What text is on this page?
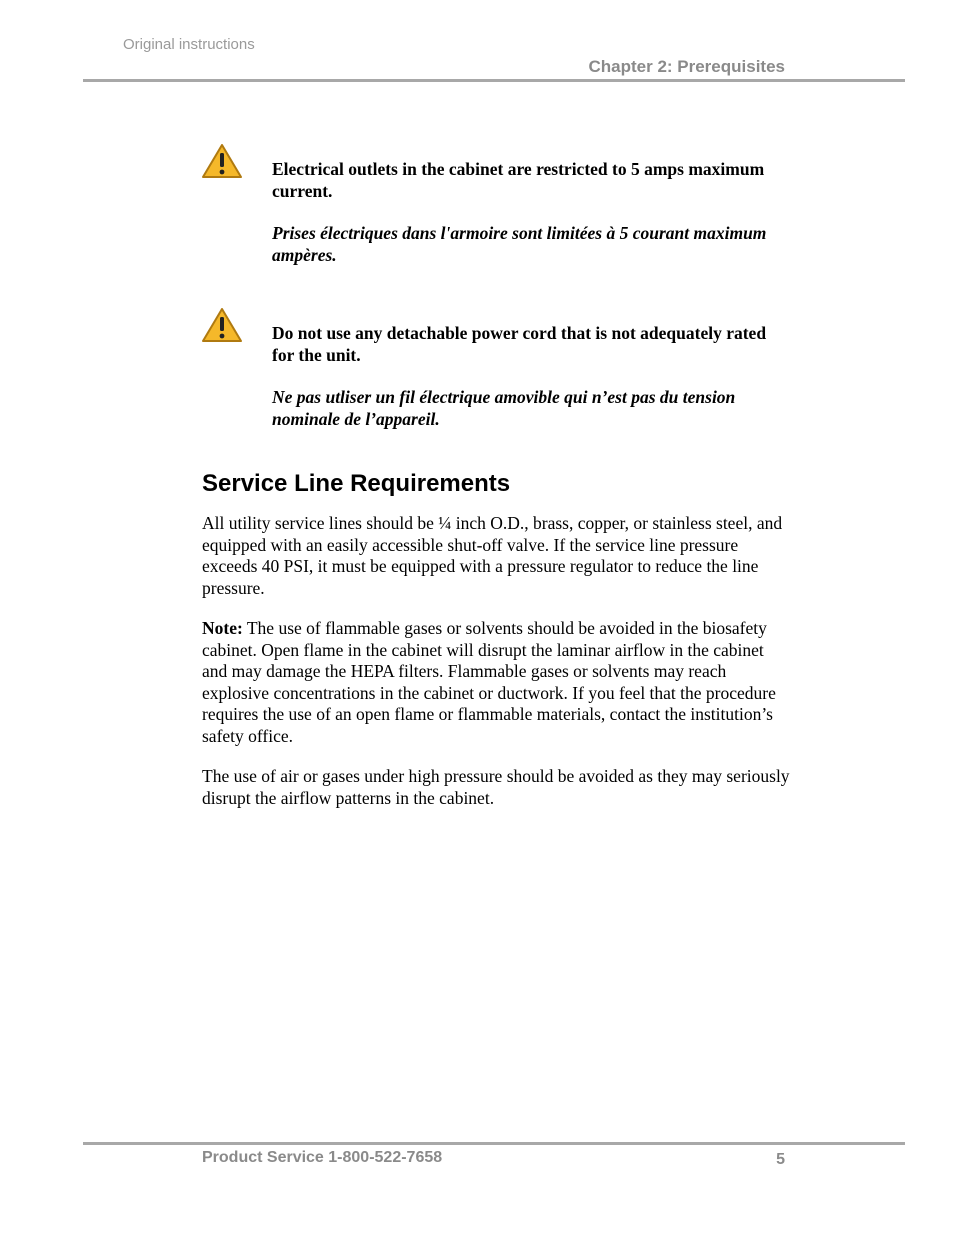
Original instructions
Chapter 2: Prerequisites

Electrical outlets in the cabinet are restricted to 5 amps maximum current.

Prises électriques dans l'armoire sont limitées à 5 courant maximum ampères.

Do not use any detachable power cord that is not adequately rated for the unit.

Ne pas utliser un fil électrique amovible qui n’est pas du tension nominale de l’appareil.

Service Line Requirements

All utility service lines should be ¼ inch O.D., brass, copper, or stainless steel, and equipped with an easily accessible shut-off valve. If the service line pressure exceeds 40 PSI, it must be equipped with a pressure regulator to reduce the line pressure.

Note: The use of flammable gases or solvents should be avoided in the biosafety cabinet. Open flame in the cabinet will disrupt the laminar airflow in the cabinet and may damage the HEPA filters. Flammable gases or solvents may reach explosive concentrations in the cabinet or ductwork. If you feel that the procedure requires the use of an open flame or flammable materials, contact the institution’s safety office.

The use of air or gases under high pressure should be avoided as they may seriously disrupt the airflow patterns in the cabinet.

Product Service 1-800-522-7658	5
